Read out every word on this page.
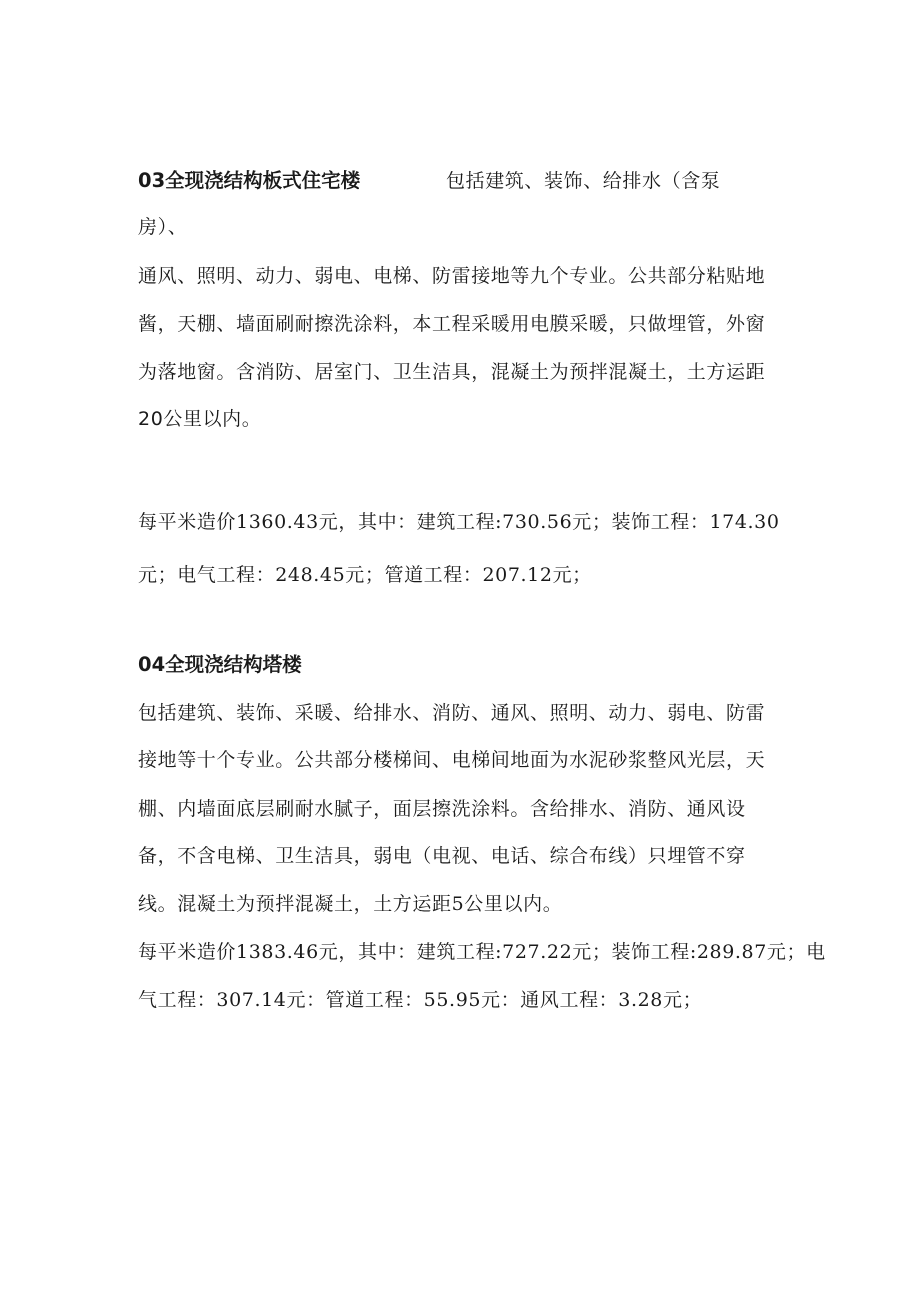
03全现浇结构板式住宅楼	包括建筑、装饰、给排水（含泵
房）、
通风、照明、动力、弱电、电梯、防雷接地等九个专业。公共部分粘贴地
酱，天棚、墙面刷耐擦洗涂料，本工程采暖用电膜采暖，只做埋管，外窗
为落地窗。含消防、居室门、卫生洁具，混凝土为预拌混凝土，土方运距
20公里以内。
每平米造价1360.43元，其中：建筑工程:730.56元；装饰工程：174.30
元；电气工程：248.45元；管道工程：207.12元；
04全现浇结构塔楼
包括建筑、装饰、采暖、给排水、消防、通风、照明、动力、弱电、防雷
接地等十个专业。公共部分楼梯间、电梯间地面为水泥砂浆整风光层，天
棚、内墙面底层刷耐水腻子，面层擦洗涂料。含给排水、消防、通风设
备，不含电梯、卫生洁具，弱电（电视、电话、综合布线）只埋管不穿
线。混凝土为预拌混凝土，土方运距5公里以内。
每平米造价1383.46元，其中：建筑工程:727.22元；装饰工程:289.87元；电
气工程：307.14元：管道工程：55.95元：通风工程：3.28元；
